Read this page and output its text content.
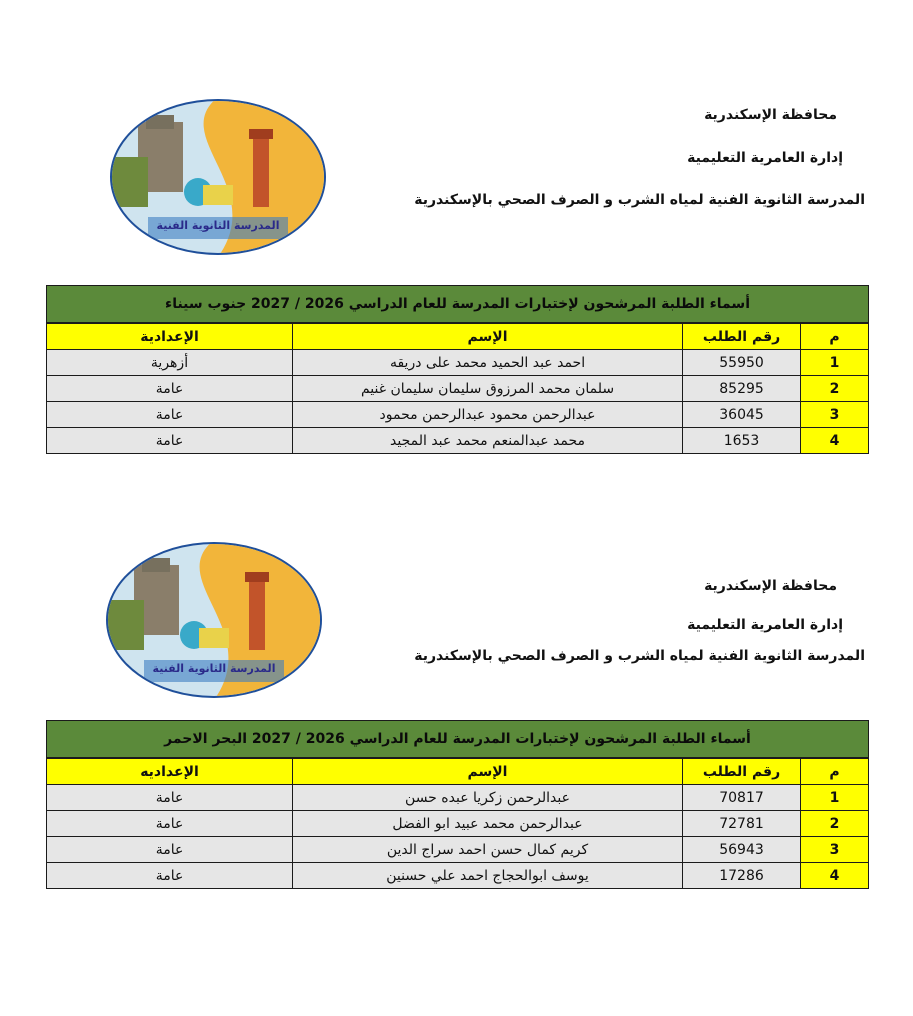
محافظة الإسكندرية
إدارة العامرية التعليمية
المدرسة الثانوية الفنية لمياه الشرب و الصرف الصحي بالإسكندرية
المدرسة الثانوية الفنية
أسماء الطلبة المرشحون لإختبارات المدرسة للعام الدراسي 2026 / 2027 جنوب سيناء			
م	رقم الطلب	الإسم	الإعدادية
1	55950	احمد عبد الحميد محمد على دريقه	أزهرية
2	85295	سلمان محمد المرزوق سليمان سليمان غنيم	عامة
3	36045	عبدالرحمن محمود عبدالرحمن محمود	عامة
4	1653	محمد عبدالمنعم محمد عبد المجيد	عامة
محافظة الإسكندرية
إدارة العامرية التعليمية
المدرسة الثانوية الفنية لمياه الشرب و الصرف الصحي بالإسكندرية
المدرسة الثانوية الفنية
أسماء الطلبة المرشحون لإختبارات المدرسة للعام الدراسي 2026 / 2027 البحر الاحمر			
م	رقم الطلب	الإسم	الإعداديه
1	70817	عبدالرحمن زكريا عبده حسن	عامة
2	72781	عبدالرحمن محمد عبيد ابو الفضل	عامة
3	56943	كريم كمال حسن احمد سراج الدين	عامة
4	17286	يوسف ابوالحجاج احمد علي حسنين	عامة
